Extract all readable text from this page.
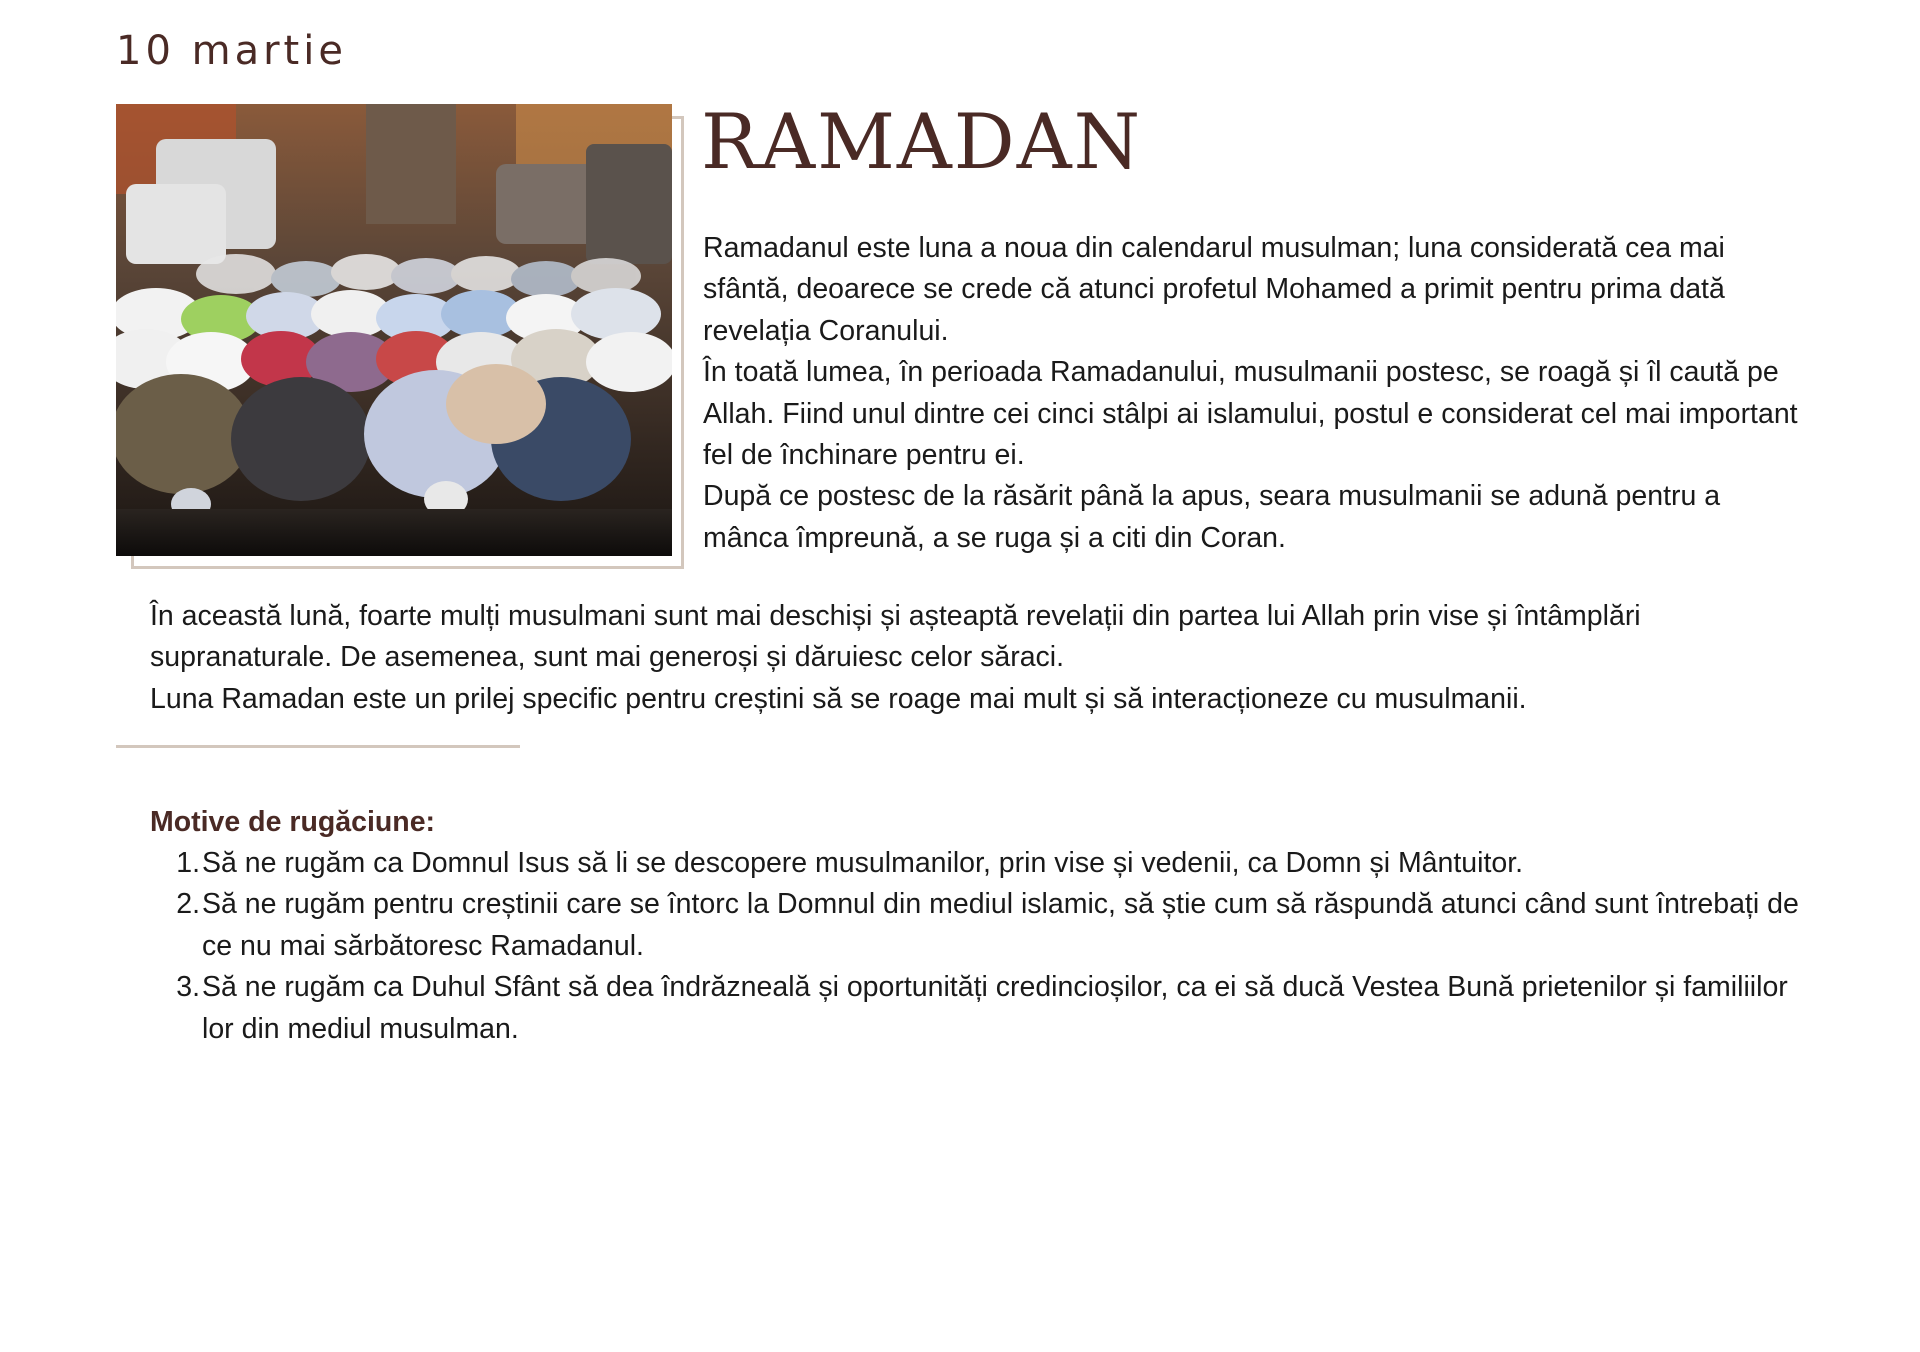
10 martie
RAMADAN

Ramadanul este luna a noua din calendarul musulman; luna considerată cea mai sfântă, deoarece se crede că atunci profetul Mohamed a primit pentru prima dată revelația Coranului.

În toată lumea, în perioada Ramadanului, musulmanii postesc, se roagă și îl caută pe Allah. Fiind unul dintre cei cinci stâlpi ai islamului, postul e considerat cel mai important fel de închinare pentru ei.

După ce postesc de la răsărit până la apus, seara musulmanii se adună pentru a mânca împreună, a se ruga și a citi din Coran.

În această lună, foarte mulți musulmani sunt mai deschiși și așteaptă revelații din partea lui Allah prin vise și întâmplări supranaturale. De asemenea, sunt mai generoși și dăruiesc celor săraci.

Luna Ramadan este un prilej specific pentru creștini să se roage mai mult și să interacționeze cu musulmanii.

Motive de rugăciune:
1. Să ne rugăm ca Domnul Isus să li se descopere musulmanilor, prin vise și vedenii, ca Domn și Mântuitor.
2. Să ne rugăm pentru creștinii care se întorc la Domnul din mediul islamic, să știe cum să răspundă atunci când sunt întrebați de ce nu mai sărbătoresc Ramadanul.
3. Să ne rugăm ca Duhul Sfânt să dea îndrăzneală și oportunități credincioșilor, ca ei să ducă Vestea Bună prietenilor și familiilor lor din mediul musulman.
